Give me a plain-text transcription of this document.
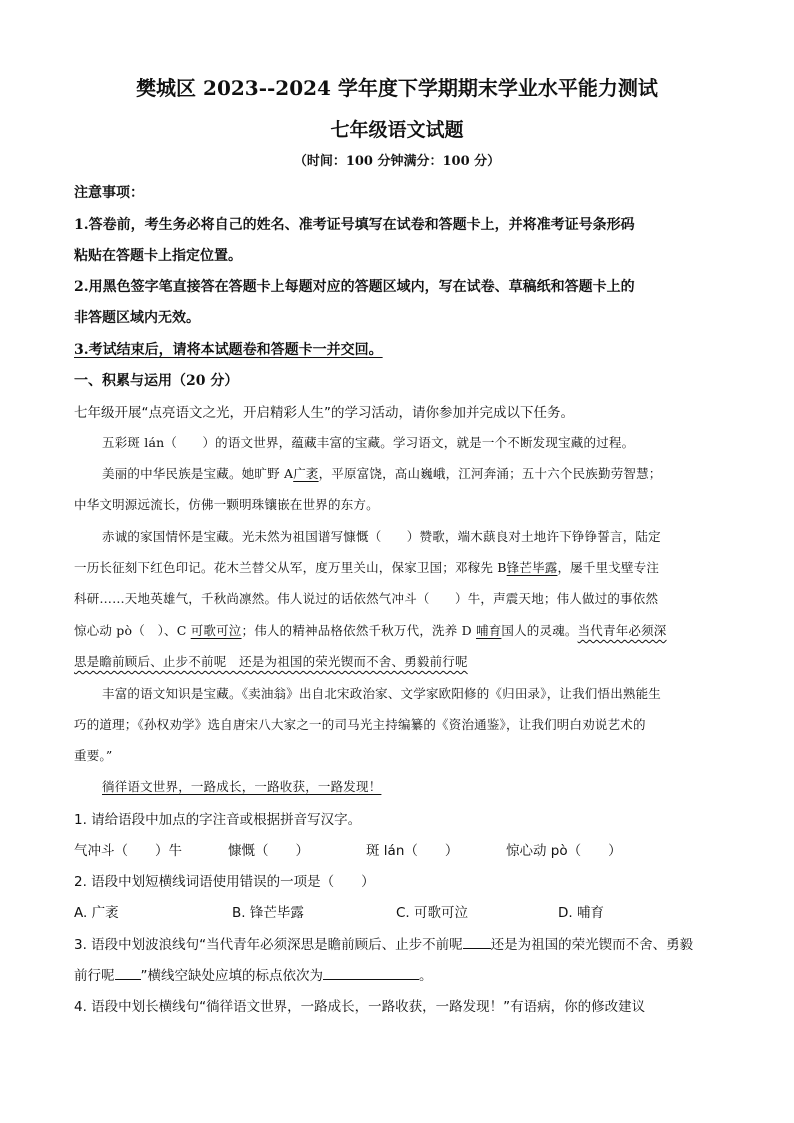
樊城区 2023--2024 学年度下学期期末学业水平能力测试
七年级语文试题
（时间：100 分钟满分：100 分）
注意事项：
1.答卷前，考生务必将自己的姓名、准考证号填写在试卷和答题卡上，并将准考证号条形码
粘贴在答题卡上指定位置。
2.用黑色签字笔直接答在答题卡上每题对应的答题区域内，写在试卷、草稿纸和答题卡上的
非答题区域内无效。
3.考试结束后，请将本试题卷和答题卡一并交回。
一、积累与运用（20 分）
七年级开展“点亮语文之光，开启精彩人生”的学习活动，请你参加并完成以下任务。
五彩斑 lán（　　）的语文世界，蕴藏丰富的宝藏。学习语文，就是一个不断发现宝藏的过程。
美丽的中华民族是宝藏。她旷野 A广袤，平原富饶，高山巍峨，江河奔涌；五十六个民族勤劳智慧；
中华文明源远流长，仿佛一颗明珠镶嵌在世界的东方。
赤诚的家国情怀是宝藏。光未然为祖国谱写慷慨（　　）赞歌，端木蕻良对土地许下铮铮誓言，陆定
一历长征刻下红色印记。花木兰替父从军，度万里关山，保家卫国；邓稼先 B锋芒毕露，屡千里戈壁专注
科研……天地英雄气，千秋尚凛然。伟人说过的话依然气冲斗（　　）牛，声震天地；伟人做过的事依然
惊心动 pò（　）、C 可歌可泣；伟人的精神品格依然千秋万代，洗养 D 哺育国人的灵魂。当代青年必须深
思是瞻前顾后、止步不前呢　还是为祖国的荣光锲而不舍、勇毅前行呢
丰富的语文知识是宝藏。《卖油翁》出自北宋政治家、文学家欧阳修的《归田录》，让我们悟出熟能生
巧的道理；《孙权劝学》选自唐宋八大家之一的司马光主持编纂的《资治通鉴》，让我们明白劝说艺术的
重要。”
徜徉语文世界，一路成长，一路收获，一路发现！
1. 请给语段中加点的字注音或根据拼音写汉字。
气冲斗（　　）牛	慷慨（　　）	斑 lán（　　）	惊心动 pò（　　）
2. 语段中划短横线词语使用错误的一项是（　　）
A. 广袤	B. 锋芒毕露	C. 可歌可泣	D. 哺育
3. 语段中划波浪线句“当代青年必须深思是瞻前顾后、止步不前呢 还是为祖国的荣光锲而不舍、勇毅
前行呢 ”横线空缺处应填的标点依次为	。
4. 语段中划长横线句“徜徉语文世界，一路成长，一路收获，一路发现！”有语病，你的修改建议
